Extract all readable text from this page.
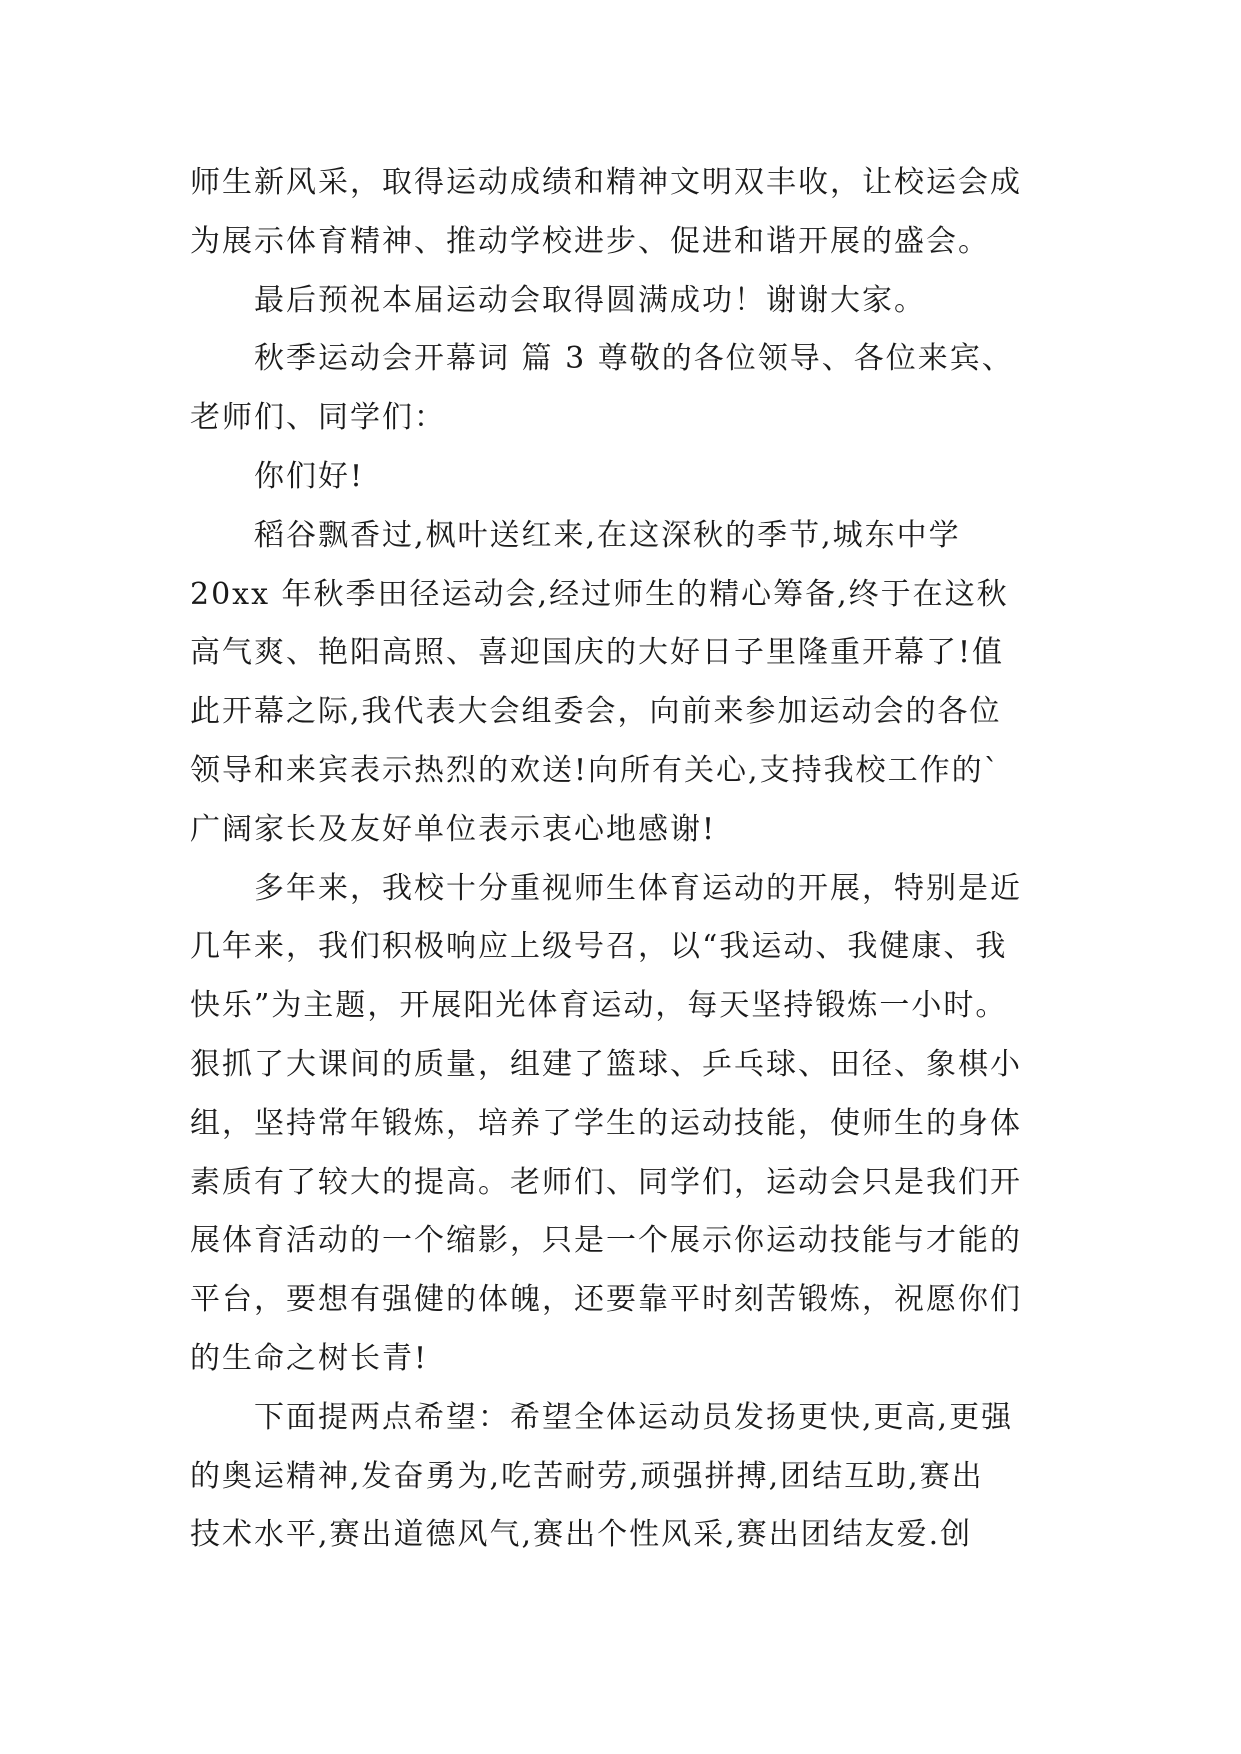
师生新风采，取得运动成绩和精神文明双丰收，让校运会成
为展示体育精神、推动学校进步、促进和谐开展的盛会。
最后预祝本届运动会取得圆满成功！谢谢大家。
秋季运动会开幕词 篇 3 尊敬的各位领导、各位来宾、
老师们、同学们：
你们好!
稻谷飘香过,枫叶送红来,在这深秋的季节,城东中学
20xx 年秋季田径运动会,经过师生的精心筹备,终于在这秋
高气爽、艳阳高照、喜迎国庆的大好日子里隆重开幕了!值
此开幕之际,我代表大会组委会，向前来参加运动会的各位
领导和来宾表示热烈的欢送!向所有关心,支持我校工作的`
广阔家长及友好单位表示衷心地感谢!
多年来，我校十分重视师生体育运动的开展，特别是近
几年来，我们积极响应上级号召，以“我运动、我健康、我
快乐”为主题，开展阳光体育运动，每天坚持锻炼一小时。
狠抓了大课间的质量，组建了篮球、乒乓球、田径、象棋小
组，坚持常年锻炼，培养了学生的运动技能，使师生的身体
素质有了较大的提高。老师们、同学们，运动会只是我们开
展体育活动的一个缩影，只是一个展示你运动技能与才能的
平台，要想有强健的体魄，还要靠平时刻苦锻炼，祝愿你们
的生命之树长青!
下面提两点希望：希望全体运动员发扬更快,更高,更强
的奥运精神,发奋勇为,吃苦耐劳,顽强拼搏,团结互助,赛出
技术水平,赛出道德风气,赛出个性风采,赛出团结友爱.创
